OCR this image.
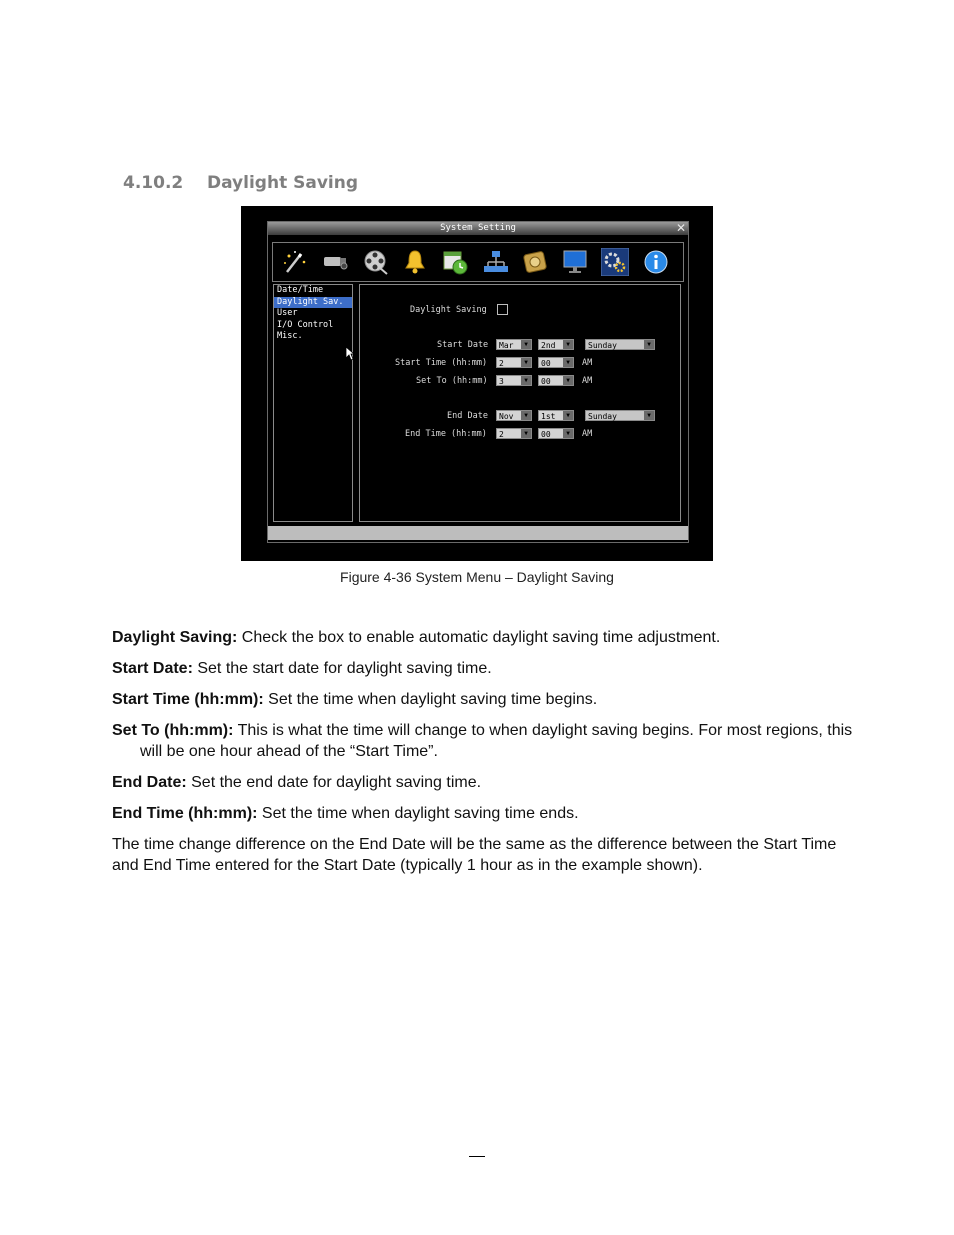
4.10.2 Daylight Saving
System Setting	✕
Date/Time
Daylight Sav.
User
I/O Control
Misc.
Daylight Saving
Start Date	Mar	▼	2nd	▼	Sunday	▼
Start Time (hh:mm)	2	▼	00	▼	AM
Set To (hh:mm)	3	▼	00	▼	AM
End Date	Nov	▼	1st	▼	Sunday	▼
End Time (hh:mm)	2	▼	00	▼	AM
Figure 4-36 System Menu – Daylight Saving
Daylight Saving: Check the box to enable automatic daylight saving time adjustment.
Start Date: Set the start date for daylight saving time.
Start Time (hh:mm): Set the time when daylight saving time begins.
Set To (hh:mm): This is what the time will change to when daylight saving begins. For most regions, this will be one hour ahead of the “Start Time”.
End Date: Set the end date for daylight saving time.
End Time (hh:mm): Set the time when daylight saving time ends.
The time change difference on the End Date will be the same as the difference between the Start Time and End Time entered for the Start Date (typically 1 hour as in the example shown).
